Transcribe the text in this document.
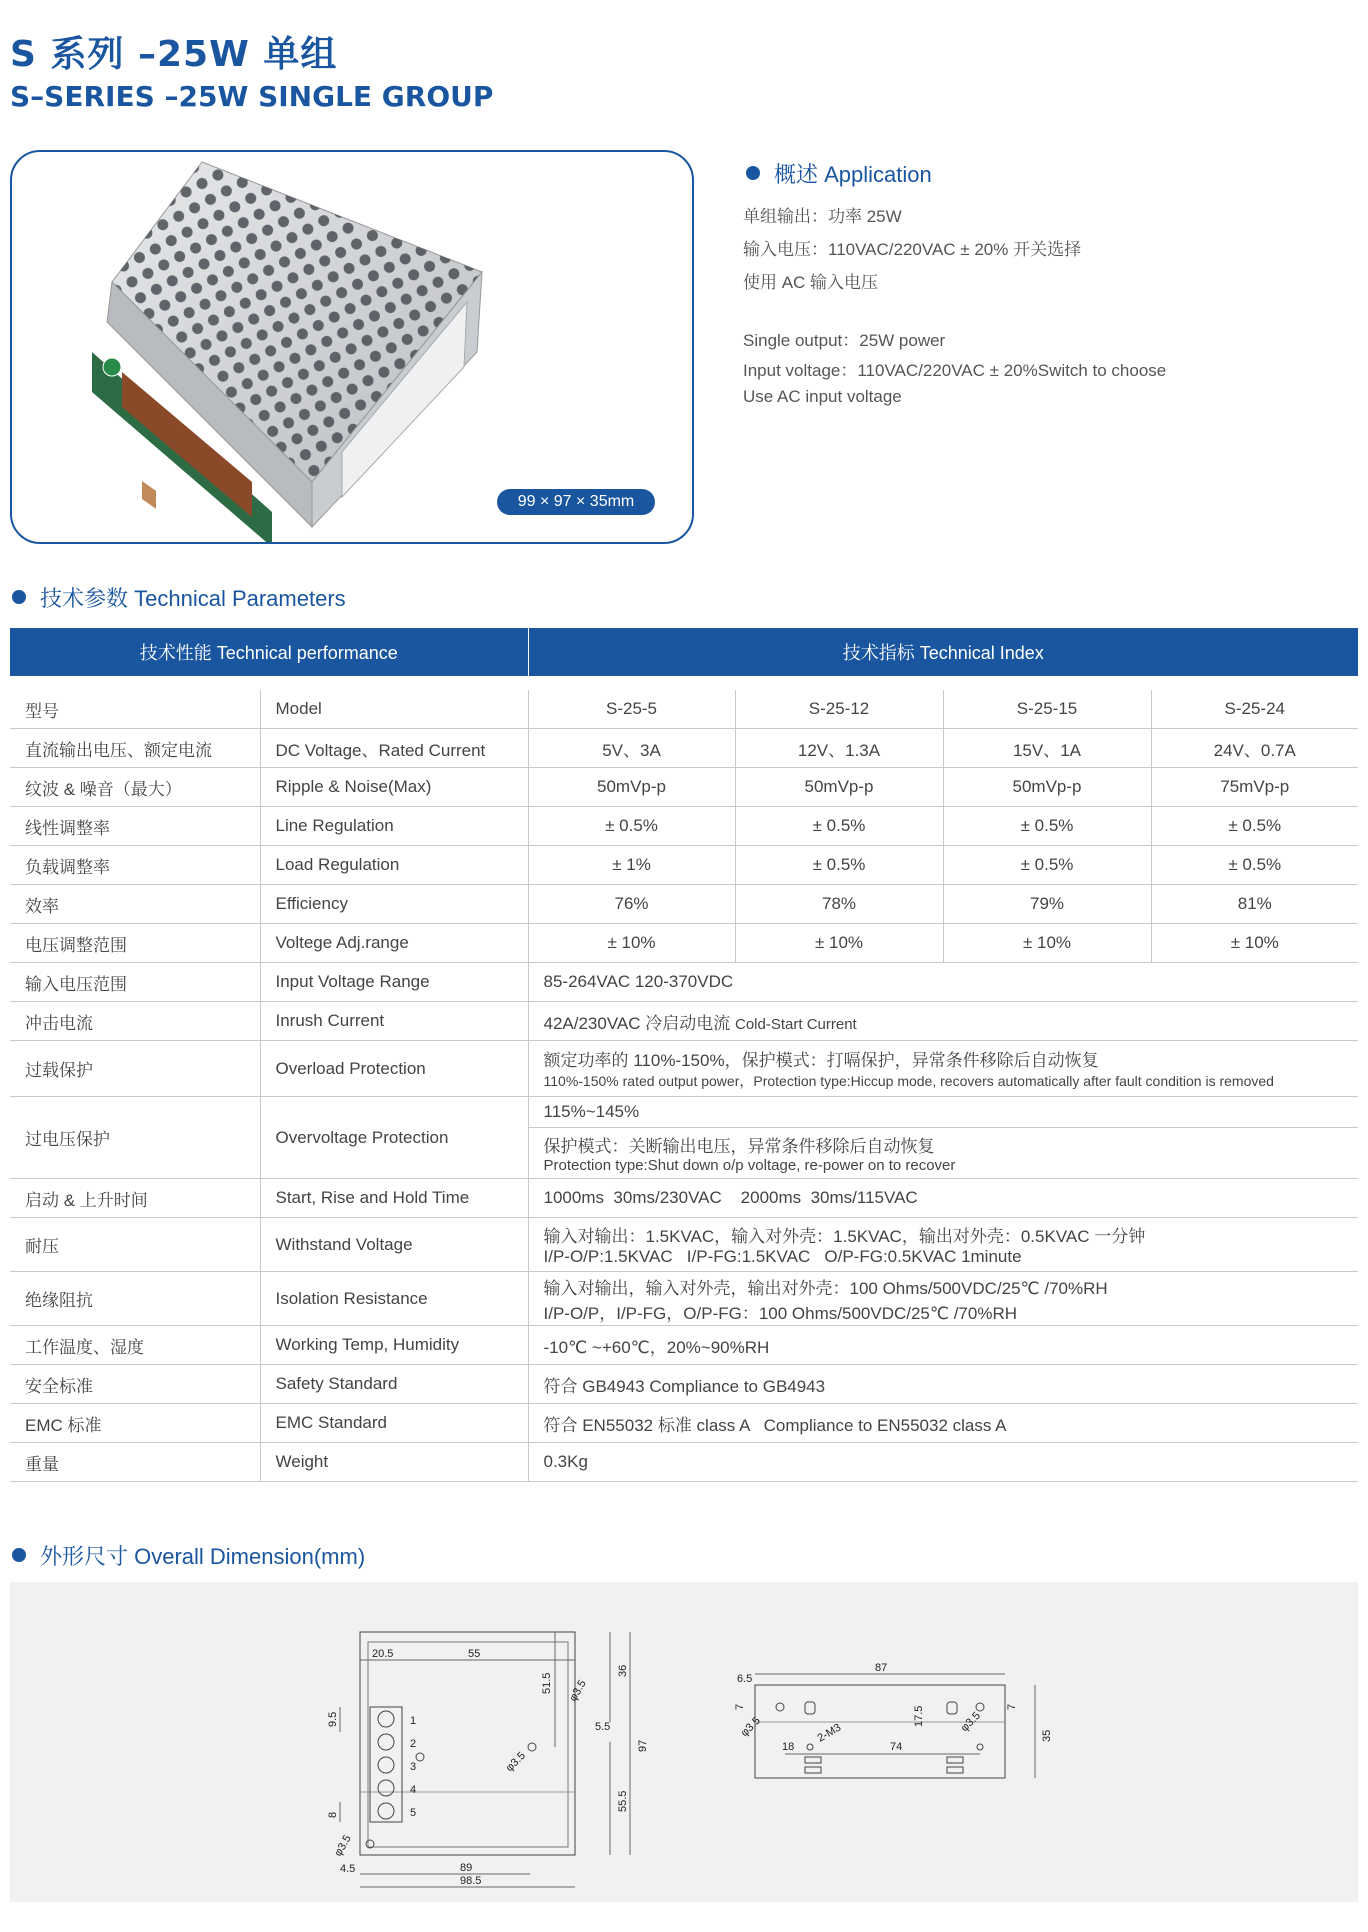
S 系列 –25W 单组
S–SERIES –25W SINGLE GROUP
99 × 97 × 35mm
概述 Application
单组输出：功率 25W
输入电压：110VAC/220VAC ± 20% 开关选择
使用 AC 输入电压
Single output：25W power
Input voltage：110VAC/220VAC ± 20%Switch to choose
Use AC input voltage
技术参数 Technical Parameters
技术性能 Technical performance		技术指标 Technical Index			

型号	Model	S-25-5	S-25-12	S-25-15	S-25-24
直流输出电压、额定电流	DC Voltage、Rated Current	5V、3A	12V、1.3A	15V、1A	24V、0.7A
纹波 & 噪音（最大）	Ripple & Noise(Max)	50mVp-p	50mVp-p	50mVp-p	75mVp-p
线性调整率	Line Regulation	± 0.5%	± 0.5%	± 0.5%	± 0.5%
负载调整率	Load Regulation	± 1%	± 0.5%	± 0.5%	± 0.5%
效率	Efficiency	76%	78%	79%	81%
电压调整范围	Voltege Adj.range	± 10%	± 10%	± 10%	± 10%
输入电压范围	Input Voltage Range	85-264VAC 120-370VDC			
冲击电流	Inrush Current	42A/230VAC 冷启动电流 Cold-Start Current			
过载保护	Overload Protection	额定功率的 110%-150%，保护模式：打嗝保护，异常条件移除后自动恢复
110%-150% rated output power，Protection type:Hiccup mode, recovers automatically after fault condition is removed			

过电压保护	Overvoltage Protection	115%~145%			

		保护模式：关断输出电压，异常条件移除后自动恢复
Protection type:Shut down o/p voltage, re-power on to recover			

启动 & 上升时间	Start, Rise and Hold Time	1000ms  30ms/230VAC    2000ms  30ms/115VAC			
耐压	Withstand Voltage	输入对输出：1.5KVAC，输入对外壳：1.5KVAC，输出对外壳：0.5KVAC 一分钟
I/P-O/P:1.5KVAC   I/P-FG:1.5KVAC   O/P-FG:0.5KVAC 1minute			

绝缘阻抗	Isolation Resistance	输入对输出，输入对外壳，输出对外壳：100 Ohms/500VDC/25℃ /70%RH
I/P-O/P，I/P-FG，O/P-FG：100 Ohms/500VDC/25℃ /70%RH			

工作温度、湿度	Working Temp, Humidity	-10℃ ~+60℃，20%~90%RH			
安全标准	Safety Standard	符合 GB4943 Compliance to GB4943			
EMC 标准	EMC Standard	符合 EN55032 标准 class A   Compliance to EN55032 class A			
重量	Weight	0.3Kg			
外形尺寸 Overall Dimension(mm)
20.5	55
51.5
36
5.5
97
55.5
9.5
8
φ3.5
φ3.5
φ3.5
4.5	89
98.5
1
2
3
4
5
6.5
87
7
φ3.5
18
2-M3
74
17.5	φ3.5
7
35
